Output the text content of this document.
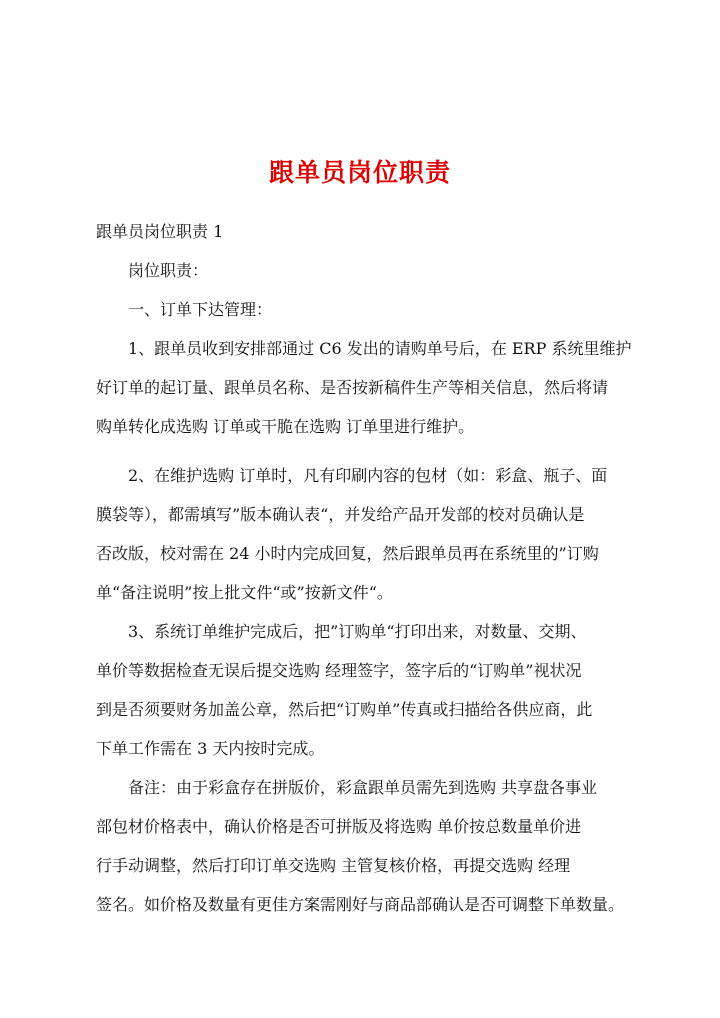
跟单员岗位职责
跟单员岗位职责 1
岗位职责：
一、订单下达管理：
1、跟单员收到安排部通过 C6 发出的请购单号后，在 ERP 系统里维护
好订单的起订量、跟单员名称、是否按新稿件生产等相关信息，然后将请
购单转化成选购 订单或干脆在选购 订单里进行维护。
2、在维护选购 订单时，凡有印刷内容的包材（如：彩盒、瓶子、面
膜袋等），都需填写”版本确认表“，并发给产品开发部的校对员确认是
否改版，校对需在 24 小时内完成回复，然后跟单员再在系统里的”订购
单“备注说明”按上批文件“或”按新文件“。
3、系统订单维护完成后，把”订购单“打印出来，对数量、交期、
单价等数据检查无误后提交选购 经理签字，签字后的“订购单”视状况
到是否须要财务加盖公章，然后把“订购单”传真或扫描给各供应商，此
下单工作需在 3 天内按时完成。
备注：由于彩盒存在拼版价，彩盒跟单员需先到选购 共享盘各事业
部包材价格表中，确认价格是否可拼版及将选购 单价按总数量单价进
行手动调整，然后打印订单交选购 主管复核价格，再提交选购 经理
签名。如价格及数量有更佳方案需刚好与商品部确认是否可调整下单数量。
